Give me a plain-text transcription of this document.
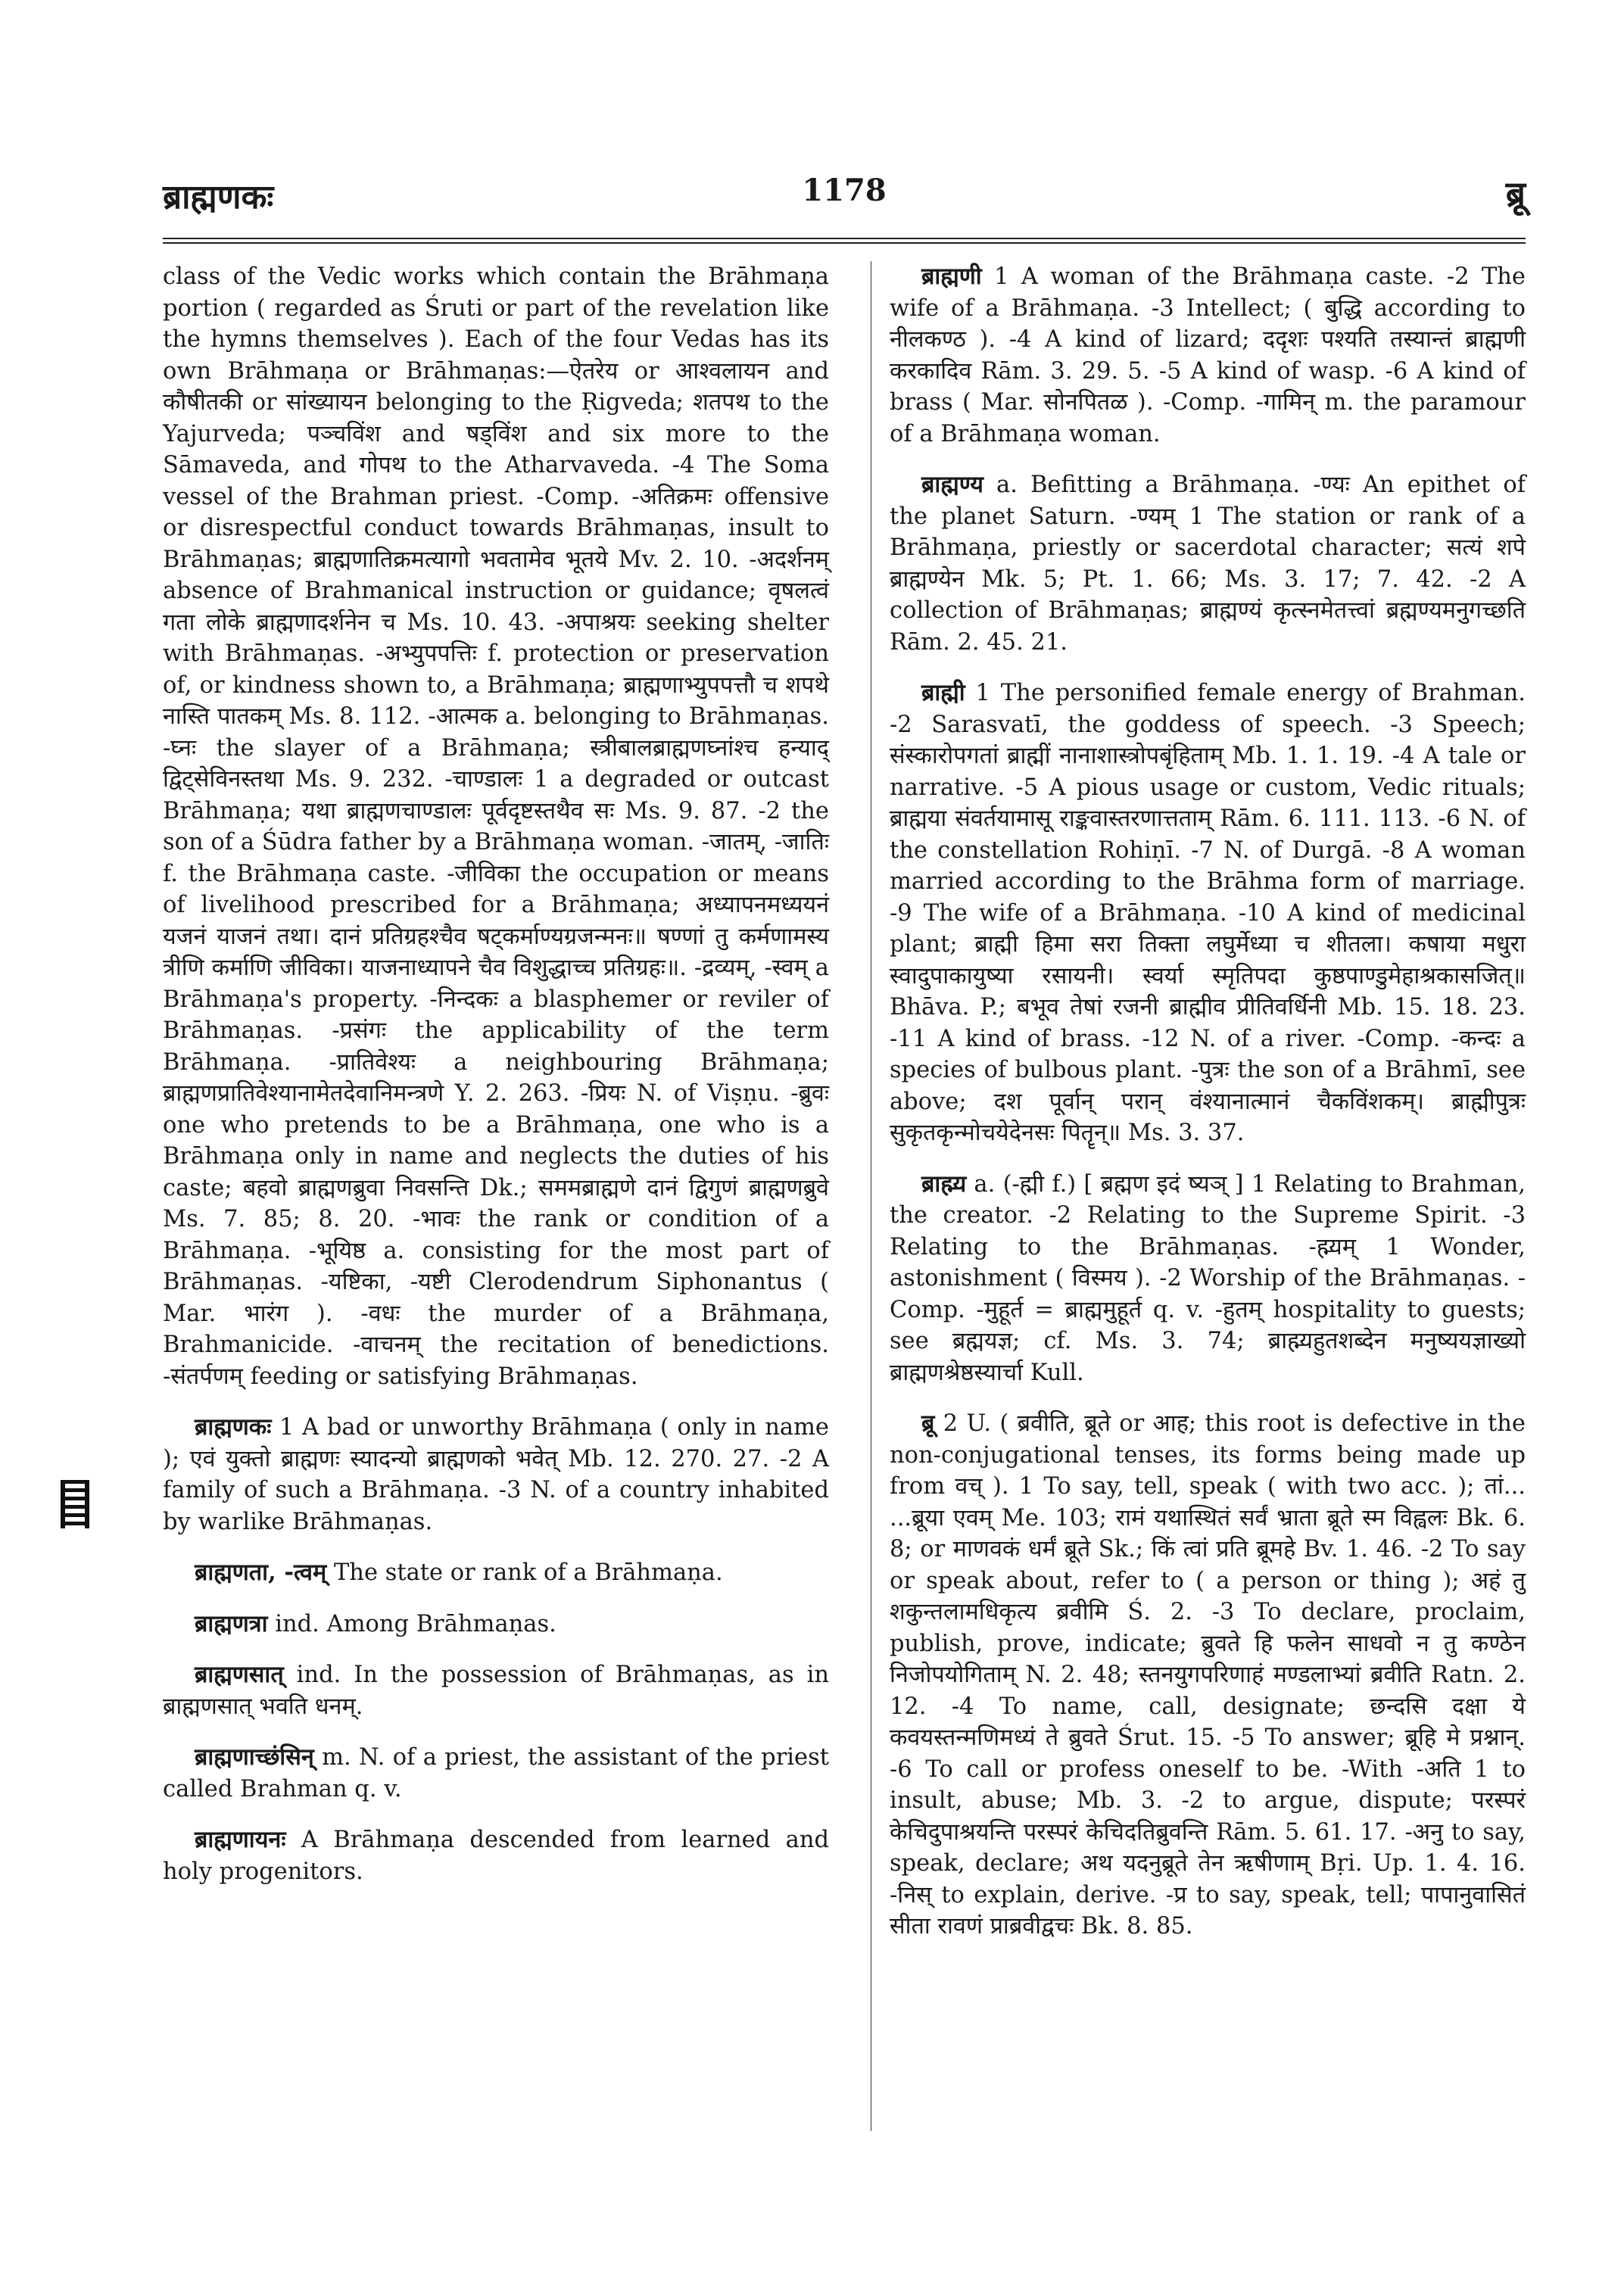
ब्राह्मणकः	1178	ब्रू

class of the Vedic works which contain the Brāhmaṇa portion ( regarded as Śruti or part of the revelation like the hymns themselves ). Each of the four Vedas has its own Brāhmaṇa or Brāhmaṇas:—ऐतरेय or आश्वलायन and कौषीतकी or सांख्यायन belonging to the Ṛigveda; शतपथ to the Yajurveda; पञ्चविंश and षड्विंश and six more to the Sāmaveda, and गोपथ to the Atharvaveda. -4 The Soma vessel of the Brahman priest. -Comp. -अतिक्रमः offensive or disrespectful conduct towards Brāhmaṇas, insult to Brāhmaṇas; ब्राह्मणातिक्रमत्यागो भवतामेव भूतये Mv. 2. 10. -अदर्शनम् absence of Brahmanical instruction or guidance; वृषलत्वं गता लोके ब्राह्मणादर्शनेन च Ms. 10. 43. -अपाश्रयः seeking shelter with Brāhmaṇas. -अभ्युपपत्तिः f. protection or preservation of, or kindness shown to, a Brāhmaṇa; ब्राह्मणाभ्युपपत्तौ च शपथे नास्ति पातकम् Ms. 8. 112. -आत्मक a. belonging to Brāhmaṇas. -घ्नः the slayer of a Brāhmaṇa; स्त्रीबालब्राह्मणघ्नांश्च हन्याद् द्विट्सेविनस्तथा Ms. 9. 232. -चाण्डालः 1 a degraded or outcast Brāhmaṇa; यथा ब्राह्मणचाण्डालः पूर्वदृष्टस्तथैव सः Ms. 9. 87. -2 the son of a Śūdra father by a Brāhmaṇa woman. -जातम्, -जातिः f. the Brāhmaṇa caste. -जीविका the occupation or means of livelihood prescribed for a Brāhmaṇa; अध्यापनमध्ययनं यजनं याजनं तथा। दानं प्रतिग्रहश्चैव षट्कर्माण्यग्रजन्मनः॥ षण्णां तु कर्मणामस्य त्रीणि कर्माणि जीविका। याजनाध्यापने चैव विशुद्धाच्च प्रतिग्रहः॥. -द्रव्यम्, -स्वम् a Brāhmaṇa's property. -निन्दकः a blasphemer or reviler of Brāhmaṇas. -प्रसंगः the applicability of the term Brāhmaṇa. -प्रातिवेश्यः a neighbouring Brāhmaṇa; ब्राह्मणप्रातिवेश्यानामेतदेवानिमन्त्रणे Y. 2. 263. -प्रियः N. of Viṣṇu. -ब्रुवः one who pretends to be a Brāhmaṇa, one who is a Brāhmaṇa only in name and neglects the duties of his caste; बहवो ब्राह्मणब्रुवा निवसन्ति Dk.; सममब्राह्मणे दानं द्विगुणं ब्राह्मणब्रुवे Ms. 7. 85; 8. 20. -भावः the rank or condition of a Brāhmaṇa. -भूयिष्ठ a. consisting for the most part of Brāhmaṇas. -यष्टिका, -यष्टी Clerodendrum Siphonantus ( Mar. भारंग ). -वधः the murder of a Brāhmaṇa, Brahmanicide. -वाचनम् the recitation of benedictions. -संतर्पणम् feeding or satisfying Brāhmaṇas.

ब्राह्मणकः 1 A bad or unworthy Brāhmaṇa ( only in name ); एवं युक्तो ब्राह्मणः स्यादन्यो ब्राह्मणको भवेत् Mb. 12. 270. 27. -2 A family of such a Brāhmaṇa. -3 N. of a country inhabited by warlike Brāhmaṇas.

ब्राह्मणता, -त्वम् The state or rank of a Brāhmaṇa.

ब्राह्मणत्रा ind. Among Brāhmaṇas.

ब्राह्मणसात् ind. In the possession of Brāhmaṇas, as in ब्राह्मणसात् भवति धनम्.

ब्राह्मणाच्छंसिन् m. N. of a priest, the assistant of the priest called Brahman q. v.

ब्राह्मणायनः A Brāhmaṇa descended from learned and holy progenitors.

ब्राह्मणी 1 A woman of the Brāhmaṇa caste. -2 The wife of a Brāhmaṇa. -3 Intellect; ( बुद्धि according to नीलकण्ठ ). -4 A kind of lizard; ददृशः पश्यति तस्यान्तं ब्राह्मणी करकादिव Rām. 3. 29. 5. -5 A kind of wasp. -6 A kind of brass ( Mar. सोनपितळ ). -Comp. -गामिन् m. the paramour of a Brāhmaṇa woman.

ब्राह्मण्य a. Befitting a Brāhmaṇa. -ण्यः An epithet of the planet Saturn. -ण्यम् 1 The station or rank of a Brāhmaṇa, priestly or sacerdotal character; सत्यं शपे ब्राह्मण्येन Mk. 5; Pt. 1. 66; Ms. 3. 17; 7. 42. -2 A collection of Brāhmaṇas; ब्राह्मण्यं कृत्स्नमेतत्त्वां ब्रह्मण्यमनुगच्छति Rām. 2. 45. 21.

ब्राह्मी 1 The personified female energy of Brahman. -2 Sarasvatī, the goddess of speech. -3 Speech; संस्कारोपगतां ब्राह्मीं नानाशास्त्रोपबृंहिताम् Mb. 1. 1. 19. -4 A tale or narrative. -5 A pious usage or custom, Vedic rituals; ब्राह्मया संवर्तयामासू राङ्कवास्तरणात्तताम् Rām. 6. 111. 113. -6 N. of the constellation Rohiṇī. -7 N. of Durgā. -8 A woman married according to the Brāhma form of marriage. -9 The wife of a Brāhmaṇa. -10 A kind of medicinal plant; ब्राह्मी हिमा सरा तिक्ता लघुर्मेध्या च शीतला। कषाया मधुरा स्वादुपाकायुष्या रसायनी। स्वर्या स्मृतिपदा कुष्ठपाण्डुमेहाश्रकासजित्॥ Bhāva. P.; बभूव तेषां रजनी ब्राह्मीव प्रीतिवर्धिनी Mb. 15. 18. 23. -11 A kind of brass. -12 N. of a river. -Comp. -कन्दः a species of bulbous plant. -पुत्रः the son of a Brāhmī, see above; दश पूर्वान् परान् वंश्यानात्मानं चैकविंशकम्। ब्राह्मीपुत्रः सुकृतकृन्मोचयेदेनसः पितॄन्॥ Ms. 3. 37.

ब्राह्म्य a. (-ह्मी f.) [ ब्रह्मण इदं ष्यञ् ] 1 Relating to Brahman, the creator. -2 Relating to the Supreme Spirit. -3 Relating to the Brāhmaṇas. -ह्म्यम् 1 Wonder, astonishment ( विस्मय ). -2 Worship of the Brāhmaṇas. -Comp. -मुहूर्त = ब्राह्ममुहूर्त q. v. -हुतम् hospitality to guests; see ब्रह्मयज्ञ; cf. Ms. 3. 74; ब्राह्म्यहुतशब्देन मनुष्ययज्ञाख्यो ब्राह्मणश्रेष्ठस्यार्चा Kull.

ब्रू 2 U. ( ब्रवीति, ब्रूते or आह; this root is defective in the non-conjugational tenses, its forms being made up from वच् ). 1 To say, tell, speak ( with two acc. ); तां... ...ब्रूया एवम् Me. 103; रामं यथास्थितं सर्वं भ्राता ब्रूते स्म विह्वलः Bk. 6. 8; or माणवकं धर्मं ब्रूते Sk.; किं त्वां प्रति ब्रूमहे Bv. 1. 46. -2 To say or speak about, refer to ( a person or thing ); अहं तु शकुन्तलामधिकृत्य ब्रवीमि Ś. 2. -3 To declare, proclaim, publish, prove, indicate; ब्रुवते हि फलेन साधवो न तु कण्ठेन निजोपयोगिताम् N. 2. 48; स्तनयुगपरिणाहं मण्डलाभ्यां ब्रवीति Ratn. 2. 12. -4 To name, call, designate; छन्दसि दक्षा ये कवयस्तन्मणिमध्यं ते ब्रुवते Śrut. 15. -5 To answer; ब्रूहि मे प्रश्नान्. -6 To call or profess oneself to be. -With -अति 1 to insult, abuse; Mb. 3. -2 to argue, dispute; परस्परं केचिदुपाश्रयन्ति परस्परं केचिदतिब्रुवन्ति Rām. 5. 61. 17. -अनु to say, speak, declare; अथ यदनुब्रूते तेन ऋषीणाम् Bṛi. Up. 1. 4. 16. -निस् to explain, derive. -प्र to say, speak, tell; पापानुवासितं सीता रावणं प्राब्रवीद्वचः Bk. 8. 85.
